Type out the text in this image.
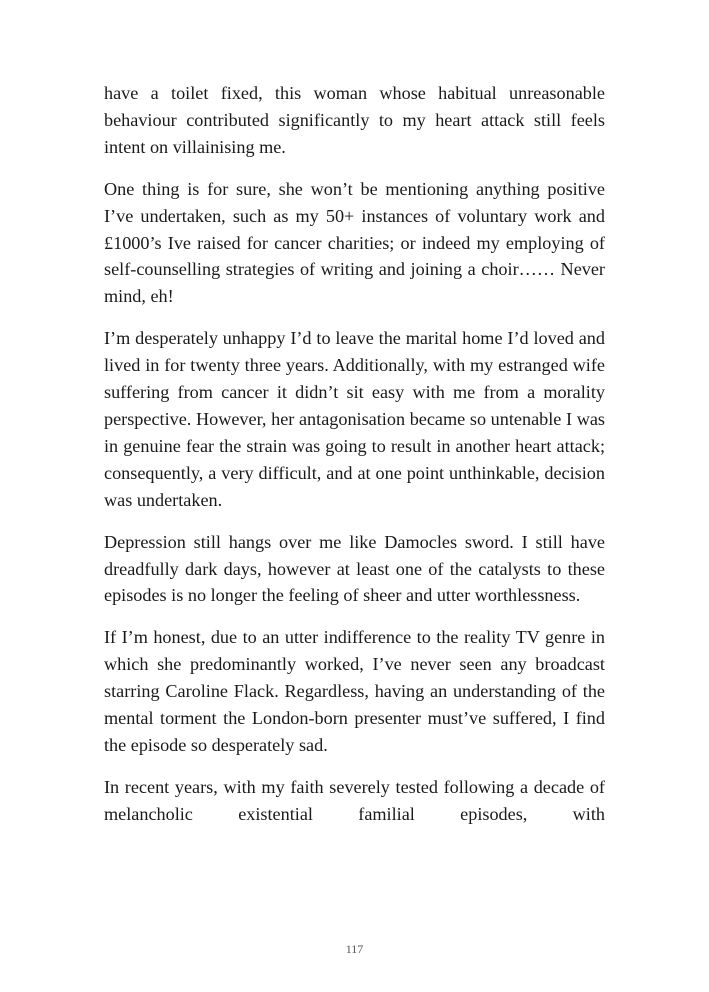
have a toilet fixed, this woman whose habitual unreasonable behaviour contributed significantly to my heart attack still feels intent on villainising me.

One thing is for sure, she won’t be mentioning anything positive I’ve undertaken, such as my 50+ instances of voluntary work and £1000’s Ive raised for cancer charities; or indeed my employing of self-counselling strategies of writing and joining a choir…… Never mind, eh!

I’m desperately unhappy I’d to leave the marital home I’d loved and lived in for twenty three years. Additionally, with my estranged wife suffering from cancer it didn’t sit easy with me from a morality perspective. However, her antagonisation became so untenable I was in genuine fear the strain was going to result in another heart attack; consequently, a very difficult, and at one point unthinkable, decision was undertaken.

Depression still hangs over me like Damocles sword. I still have dreadfully dark days, however at least one of the catalysts to these episodes is no longer the feeling of sheer and utter worthlessness.

If I’m honest, due to an utter indifference to the reality TV genre in which she predominantly worked, I’ve never seen any broadcast starring Caroline Flack. Regardless, having an understanding of the mental torment the London-born presenter must’ve suffered, I find the episode so desperately sad.

In recent years, with my faith severely tested following a decade of melancholic existential familial episodes, with

117
